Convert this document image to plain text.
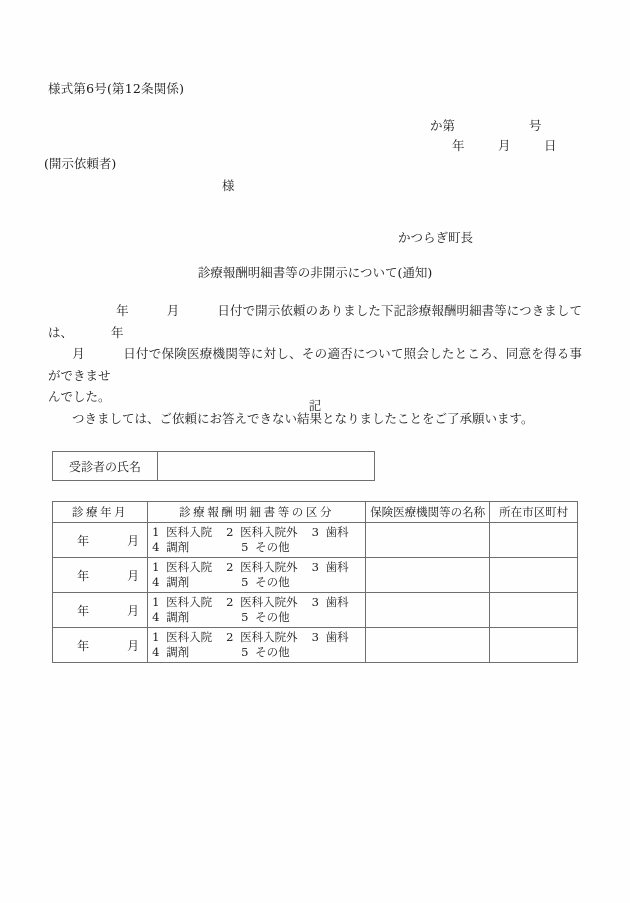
様式第6号(第12条関係)
か第	号
年	月	日
(開示依頼者)
様
かつらぎ町長
診療報酬明細書等の非開示について(通知)

年	月	日付で開示依頼のありました下記診療報酬明細書等につきましては、	年

月	日付で保険医療機関等に対し、その適否について照会したところ、同意を得る事ができませ

んでした。

つきましては、ご依頼にお答えできない結果となりましたことをご了承願います。

記
受診者の氏名	
診療年月	診療報酬明細書等の区分	保険医療機関等の名称	所在市区町村
年 月	1 医科入院 2 医科入院外 3 歯科
4 調剤 5 その他		

年 月	1 医科入院 2 医科入院外 3 歯科
4 調剤 5 その他		

年 月	1 医科入院 2 医科入院外 3 歯科
4 調剤 5 その他		

年 月	1 医科入院 2 医科入院外 3 歯科
4 調剤 5 その他		
